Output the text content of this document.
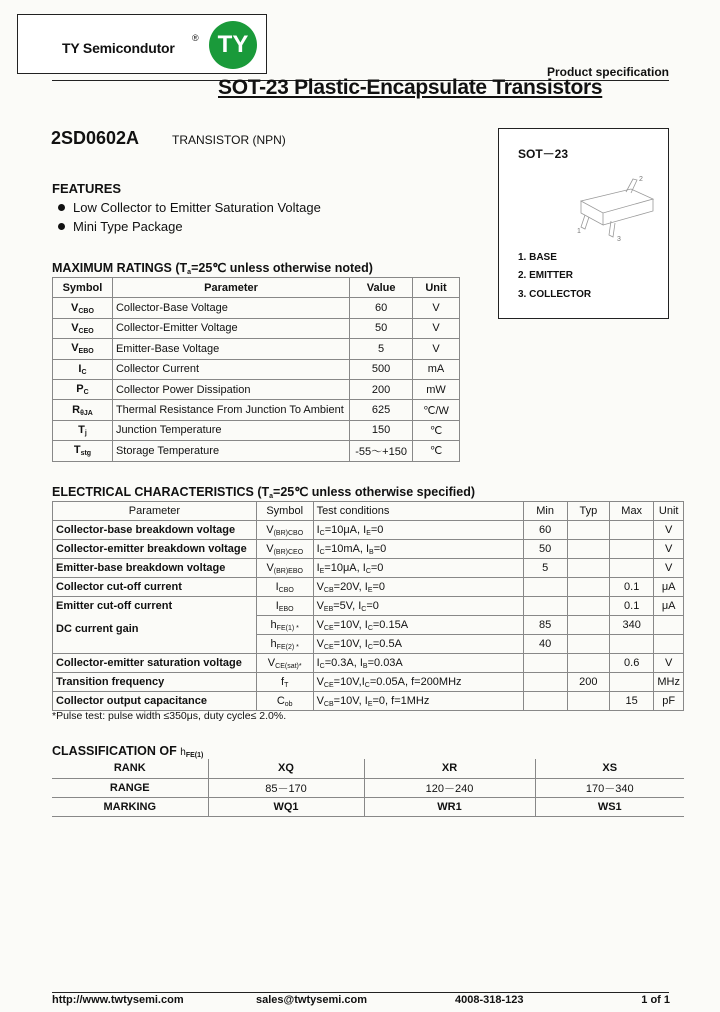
TY Semicondutor
® TY
Product specification
SOT-23 Plastic-Encapsulate Transistors
2SD0602A	TRANSISTOR (NPN)
SOT－23
2
1
3
1. BASE
2. EMITTER
3. COLLECTOR
FEATURES
Low Collector to Emitter Saturation Voltage
Mini Type Package
MAXIMUM RATINGS ($T_a=25℃$ unless otherwise noted)
Symbol	Parameter	Value	Unit
$V_{CBO}$	Collector-Base Voltage	60	V
$V_{CEO}$	Collector-Emitter Voltage	50	V
$V_{EBO}$	Emitter-Base Voltage	5	V
$I_C$	Collector Current	500	mA
$P_C$	Collector Power Dissipation	200	mW
$R_{\theta JA}$	Thermal Resistance From Junction To Ambient	625	℃/W
$T_j$	Junction Temperature	150	℃
$T_{stg}$	Storage Temperature	-55～+150	℃
ELECTRICAL CHARACTERISTICS ($T_a=25℃$ unless otherwise specified)
Parameter	Symbol	Test conditions	Min	Typ	Max	Unit
Collector-base breakdown voltage	$V_{(BR)CBO}$	$I_C=10\mu A$, $I_E=0$	60			V
Collector-emitter breakdown voltage	$V_{(BR)CEO}$	$I_C=10mA$, $I_B=0$	50			V
Emitter-base breakdown voltage	$V_{(BR)EBO}$	$I_E=10\mu A$, $I_C=0$	5			V
Collector cut-off current	$I_{CBO}$	$V_{CB}=20V$, $I_E=0$			0.1	μA
Emitter cut-off current	$I_{EBO}$	$V_{EB}=5V$, $I_C=0$			0.1	μA
DC current gain	$h_{FE(1) *}$	$V_{CE}=10V$, $I_C=0.15A$	85		340	
	$h_{FE(2) *}$	$V_{CE}=10V$, $I_C=0.5A$	40			
Collector-emitter saturation voltage	$V_{CE(sat)*}$	$I_C=0.3A$, $I_B=0.03A$			0.6	V
Transition frequency	$f_T$	$V_{CE}=10V,I_C=0.05A$, f=200MHz		200		MHz
Collector output capacitance	$C_{ob}$	$V_{CB}=10V$, $I_E=0$, f=1MHz			15	pF
*Pulse test: pulse width ≤350μs, duty cycle≤ 2.0%.
CLASSIFICATION OF $h_{FE(1)}$
RANK	XQ	XR	XS
RANGE	85－170	120－240	170－340
MARKING	WQ1	WR1	WS1
http://www.twtysemi.com	sales@twtysemi.com	4008-318-123	1 of 1
